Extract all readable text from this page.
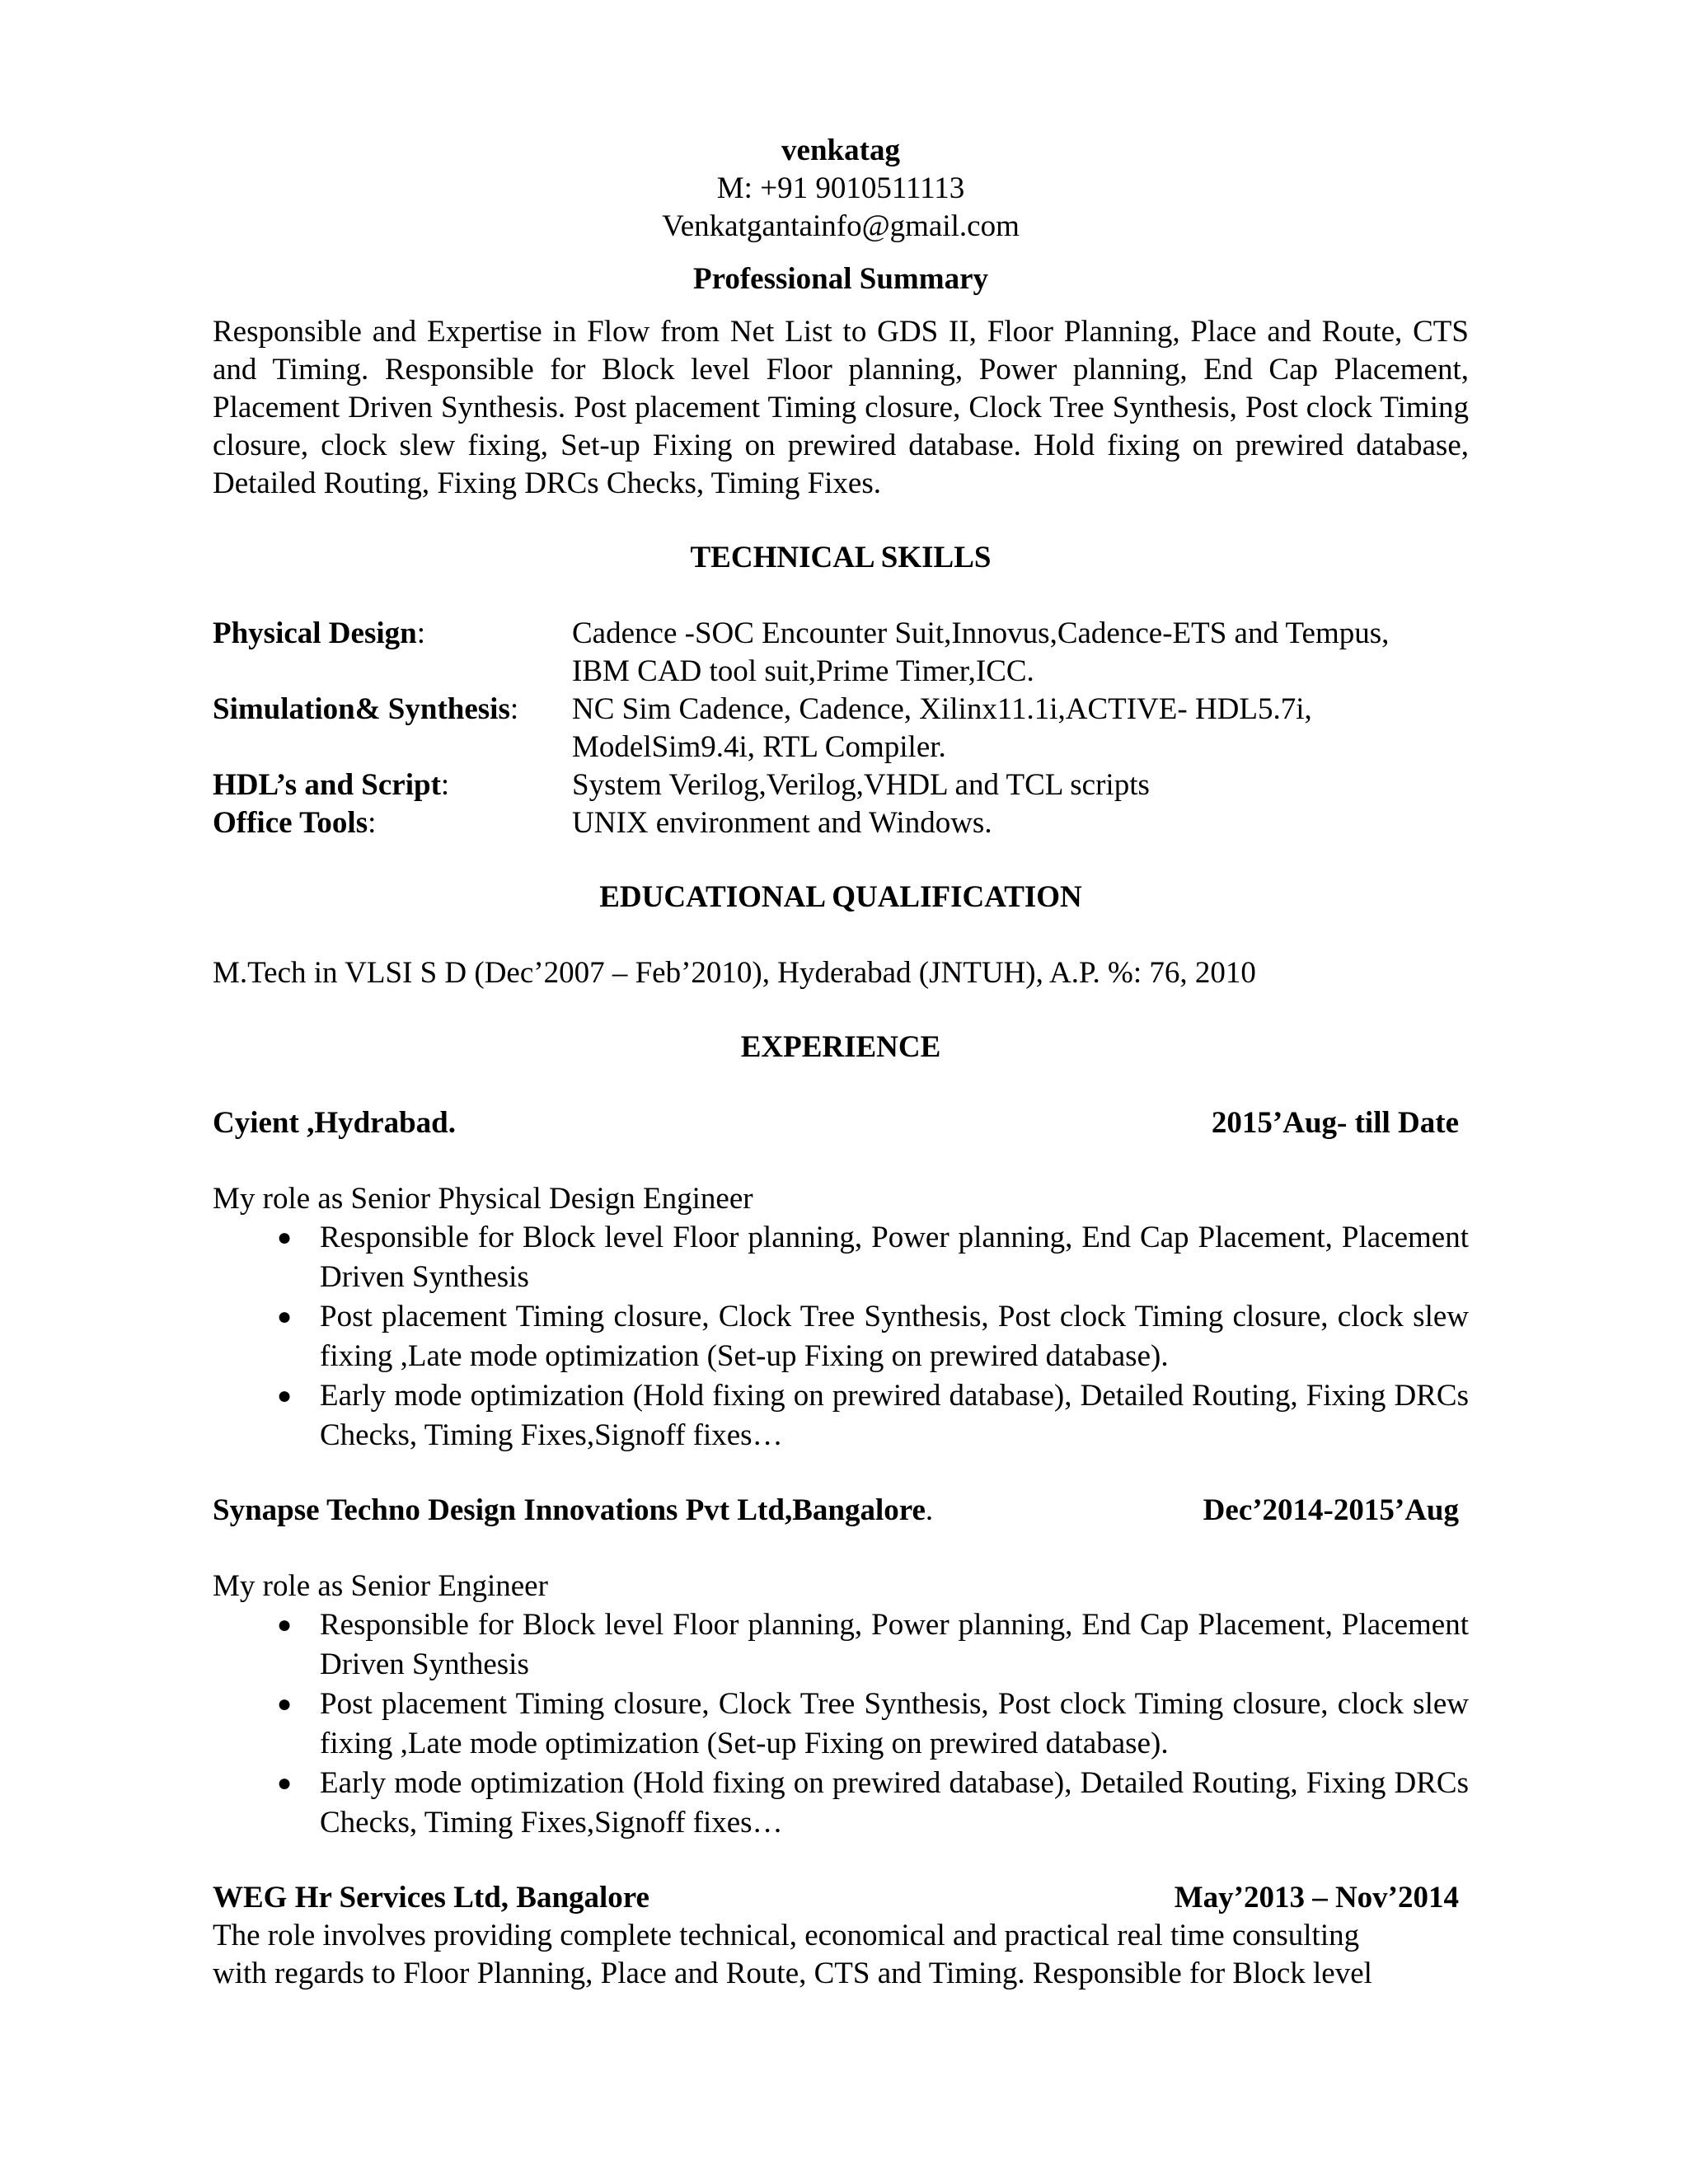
venkatag
M: +91 9010511113
Venkatgantainfo@gmail.com
Professional Summary

Responsible and Expertise in Flow from Net List to GDS II, Floor Planning, Place and Route, CTS and Timing. Responsible for Block level Floor planning, Power planning, End Cap Placement, Placement Driven Synthesis. Post placement Timing closure, Clock Tree Synthesis, Post clock Timing closure, clock slew fixing, Set-up Fixing on prewired database. Hold fixing on prewired database, Detailed Routing, Fixing DRCs Checks, Timing Fixes.

TECHNICAL SKILLS
Physical Design:	Cadence -SOC Encounter Suit,Innovus,Cadence-ETS and Tempus,
IBM CAD tool suit,Prime Timer,ICC.

Simulation& Synthesis:	NC Sim Cadence, Cadence, Xilinx11.1i,ACTIVE- HDL5.7i,
ModelSim9.4i, RTL Compiler.

HDL’s and Script:	System Verilog,Verilog,VHDL and TCL scripts

Office Tools:	UNIX environment and Windows.
EDUCATIONAL QUALIFICATION

M.Tech in VLSI S D (Dec’2007 – Feb’2010), Hyderabad (JNTUH), A.P. %: 76, 2010

EXPERIENCE
Cyient ,Hydrabad.	2015’Aug- till Date
My role as Senior Physical Design Engineer
● Responsible for Block level Floor planning, Power planning, End Cap Placement, Placement Driven Synthesis
● Post placement Timing closure, Clock Tree Synthesis, Post clock Timing closure, clock slew fixing ,Late mode optimization (Set-up Fixing on prewired database).
● Early mode optimization (Hold fixing on prewired database), Detailed Routing, Fixing DRCs Checks, Timing Fixes,Signoff fixes…
Synapse Techno Design Innovations Pvt Ltd,Bangalore.	Dec’2014-2015’Aug
My role as Senior Engineer
● Responsible for Block level Floor planning, Power planning, End Cap Placement, Placement Driven Synthesis
● Post placement Timing closure, Clock Tree Synthesis, Post clock Timing closure, clock slew fixing ,Late mode optimization (Set-up Fixing on prewired database).
● Early mode optimization (Hold fixing on prewired database), Detailed Routing, Fixing DRCs Checks, Timing Fixes,Signoff fixes…
WEG Hr Services Ltd, Bangalore	May’2013 – Nov’2014
The role involves providing complete technical, economical and practical real time consulting
with regards to Floor Planning, Place and Route, CTS and Timing. Responsible for Block level
